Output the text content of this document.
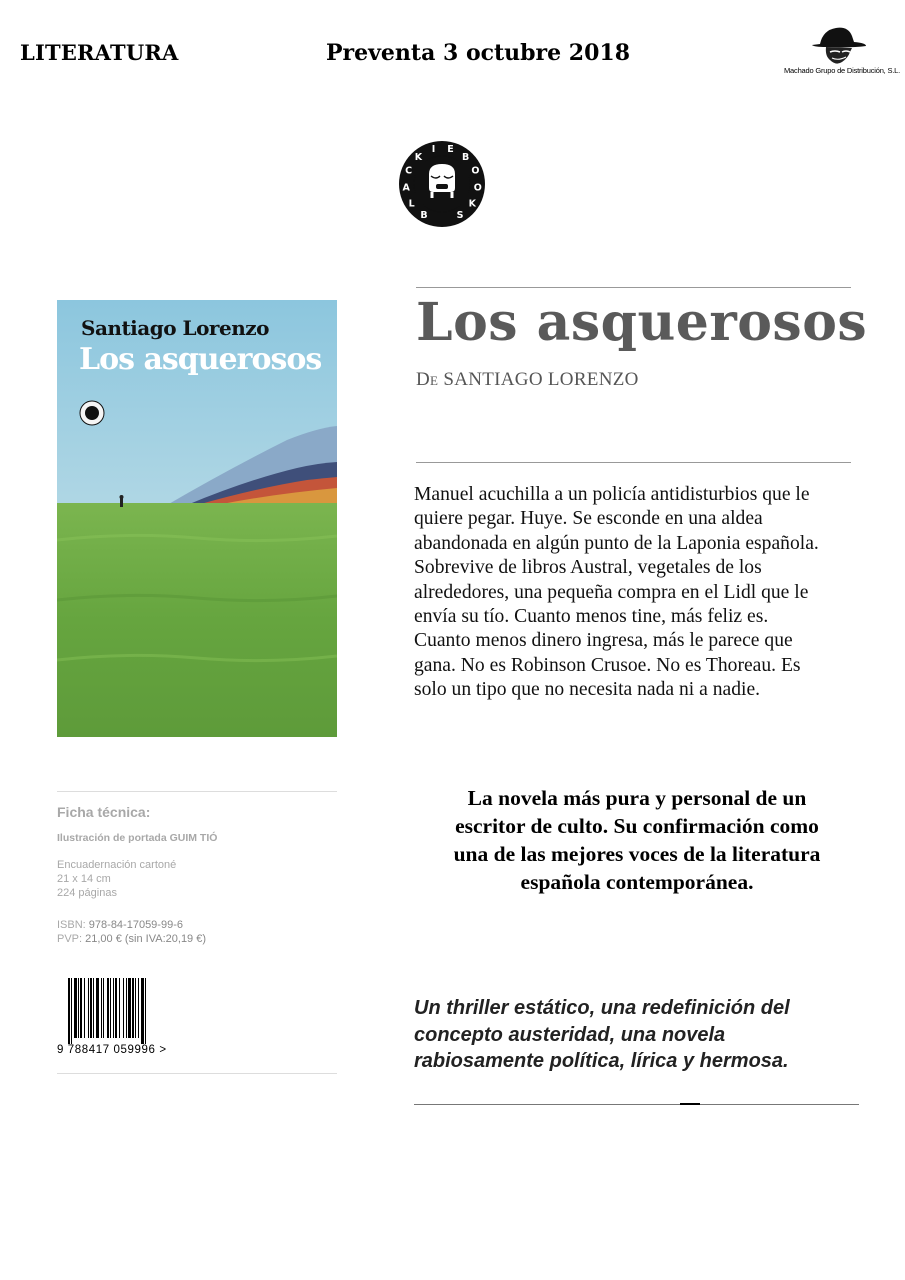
LITERATURA	Preventa 3 octubre 2018
Machado Grupo de Distribución, S.L.
B
L
A
C
K
I E
B
O
O
K
S
Santiago Lorenzo
Los asquerosos
Los asquerosos
DE SANTIAGO LORENZO
Manuel acuchilla a un policía antidisturbios que le
quiere pegar. Huye. Se esconde en una aldea
abandonada en algún punto de la Laponia española.
Sobrevive de libros Austral, vegetales de los
alrededores, una pequeña compra en el Lidl que le
envía su tío. Cuanto menos tine, más feliz es.
Cuanto menos dinero ingresa, más le parece que
gana. No es Robinson Crusoe. No es Thoreau. Es
solo un tipo que no necesita nada ni a nadie.
La novela más pura y personal de un
escritor de culto. Su confirmación como
una de las mejores voces de la literatura
española contemporánea.
Un thriller estático, una redefinición del
concepto austeridad, una novela
rabiosamente política, lírica y hermosa.
Ficha técnica:
Ilustración de portada GUIM TIÓ
Encuadernación cartoné
21 x 14 cm
224 páginas
ISBN: 978-84-17059-99-6
PVP: 21,00 € (sin IVA:20,19 €)
9 788417 059996 >
